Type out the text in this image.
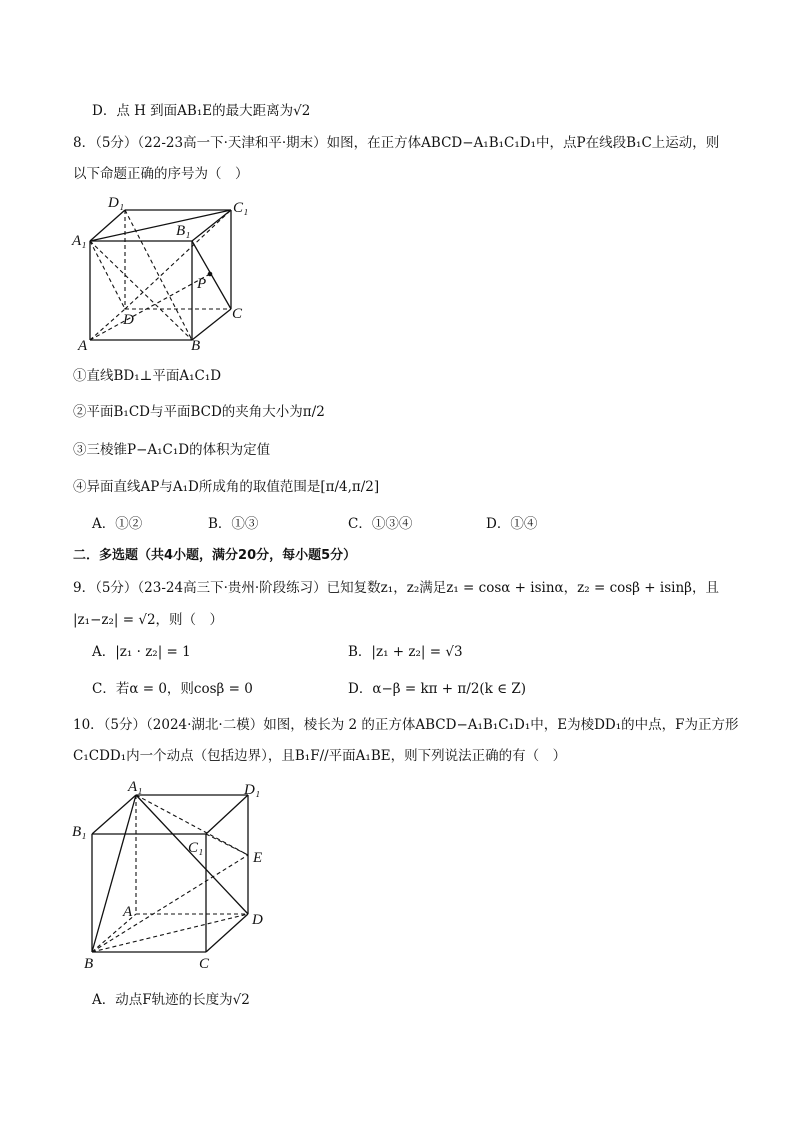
D．点 H 到面AB₁E的最大距离为√2
8．（5分）（22-23高一下·天津和平·期末）如图，在正方体ABCD−A₁B₁C₁D₁中，点P在线段B₁C上运动，则
以下命题正确的序号为（　）
D₁	C₁
A₁
B₁
P
D	C
A	B
①直线BD₁⊥平面A₁C₁D
②平面B₁CD与平面BCD的夹角大小为π/2
③三棱锥P−A₁C₁D的体积为定值
④异面直线AP与A₁D所成角的取值范围是[π/4,π/2]
A．①②	B．①③	C．①③④	D．①④
二．多选题（共4小题，满分20分，每小题5分）
9．（5分）（23-24高三下·贵州·阶段练习）已知复数z₁，z₂满足z₁ = cosα + isinα，z₂ = cosβ + isinβ，且
|z₁−z₂| = √2，则（　）
A．|z₁ · z₂| = 1	B．|z₁ + z₂| = √3
C．若α = 0，则cosβ = 0	D．α−β = kπ + π/2(k ∈ Z)
10．（5分）（2024·湖北·二模）如图，棱长为 2 的正方体ABCD−A₁B₁C₁D₁中，E为棱DD₁的中点，F为正方形
C₁CDD₁内一个动点（包括边界），且B₁F//平面A₁BE，则下列说法正确的有（　）
A₁	D₁
B₁
C₁
E
A	D
B	C
A．动点F轨迹的长度为√2
